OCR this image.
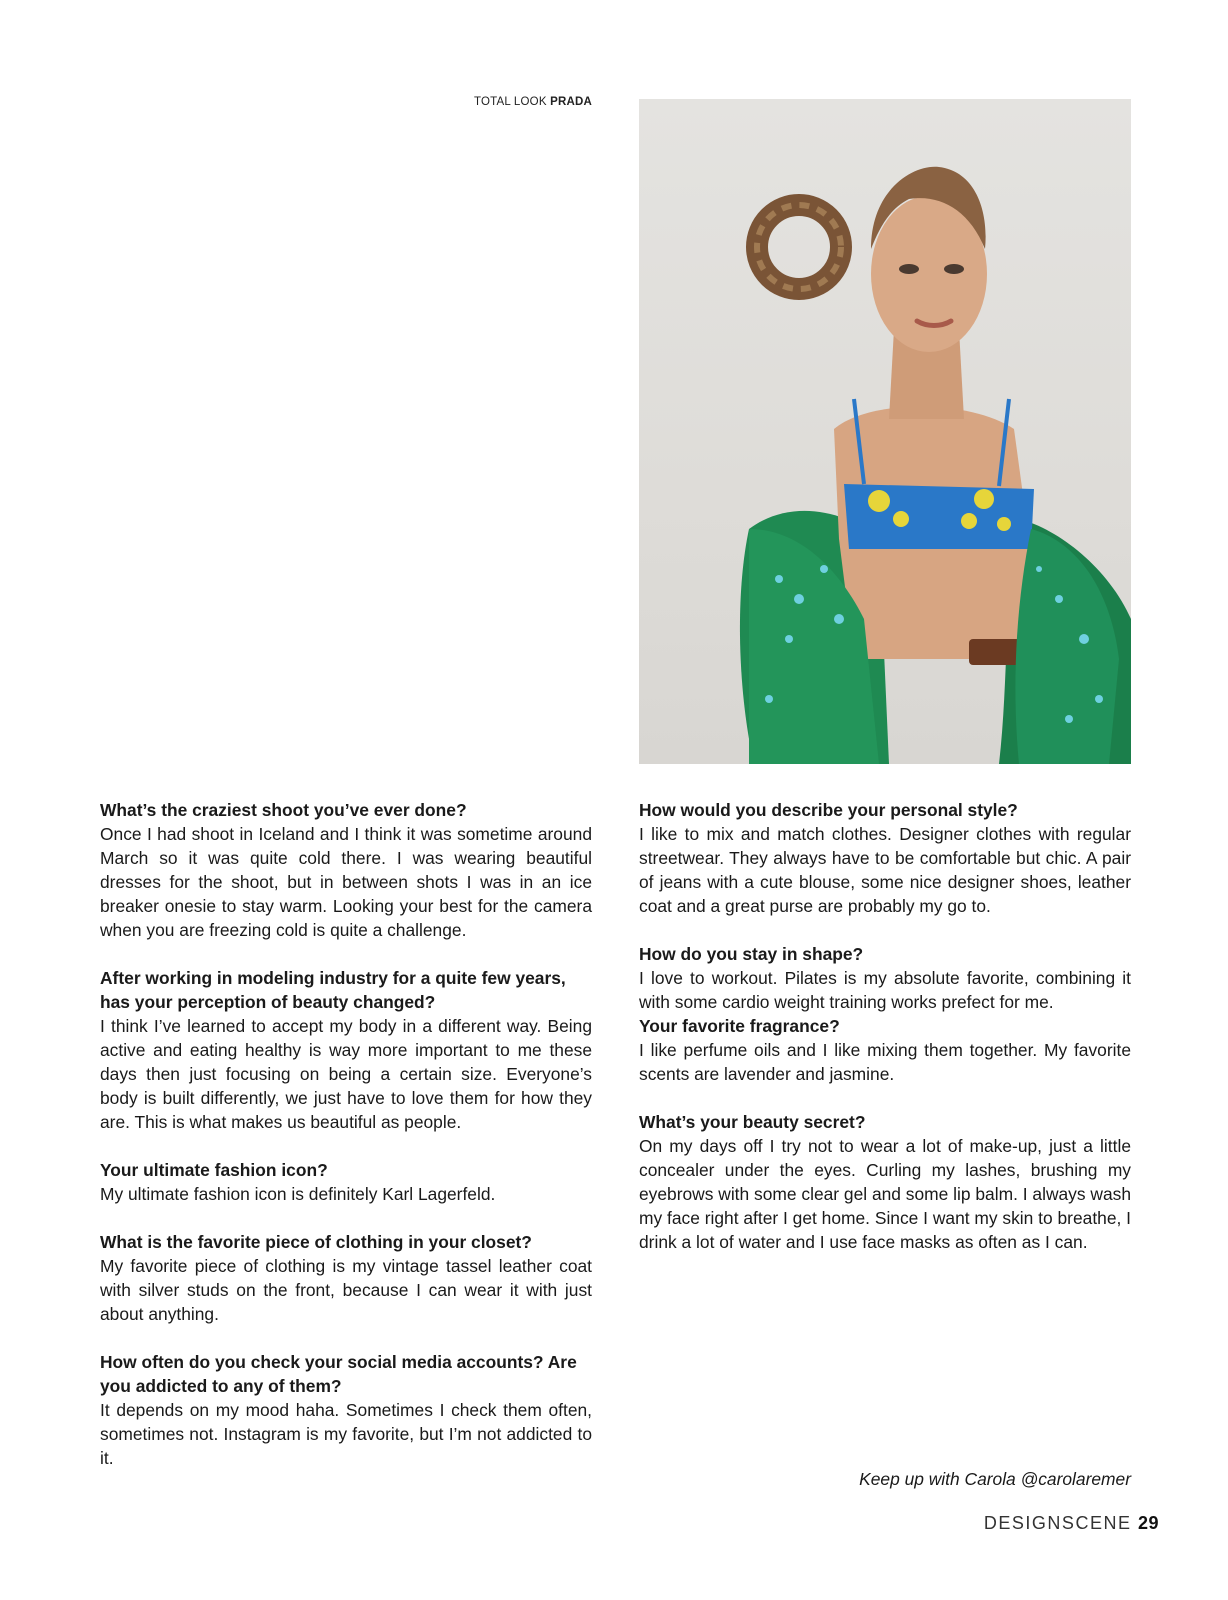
TOTAL LOOK PRADA

What’s the craziest shoot you’ve ever done?

Once I had shoot in Iceland and I think it was sometime around March so it was quite cold there. I was wearing beautiful dresses for the shoot, but in between shots I was in an ice breaker onesie to stay warm. Looking your best for the camera when you are freezing cold is quite a challenge.

After working in modeling industry for a quite few years, has your perception of beauty changed?

I think I’ve learned to accept my body in a different way. Being active and eating healthy is way more important to me these days then just focusing on being a certain size. Everyone’s body is built differently, we just have to love them for how they are. This is what makes us beautiful as people.

Your ultimate fashion icon?

My ultimate fashion icon is definitely Karl Lagerfeld.

What is the favorite piece of clothing in your closet?

My favorite piece of clothing is my vintage tassel leather coat with silver studs on the front, because I can wear it with just about anything.

How often do you check your social media accounts? Are you addicted to any of them?

It depends on my mood haha. Sometimes I check them often, sometimes not. Instagram is my favorite, but I’m not addicted to it.

How would you describe your personal style?

I like to mix and match clothes. Designer clothes with regular streetwear. They always have to be comfortable but chic. A pair of jeans with a cute blouse, some nice designer shoes, leather coat and a great purse are probably my go to.

How do you stay in shape?

I love to workout. Pilates is my absolute favorite, combining it with some cardio weight training works prefect for me.

Your favorite fragrance?

I like perfume oils and I like mixing them together. My favorite scents are lavender and jasmine.

What’s your beauty secret?

On my days off I try not to wear a lot of make-up, just a little concealer under the eyes. Curling my lashes, brushing my eyebrows with some clear gel and some lip balm. I always wash my face right after I get home. Since I want my skin to breathe, I drink a lot of water and I use face masks as often as I can.

Keep up with Carola @carolaremer
DESIGNSCENE 29
